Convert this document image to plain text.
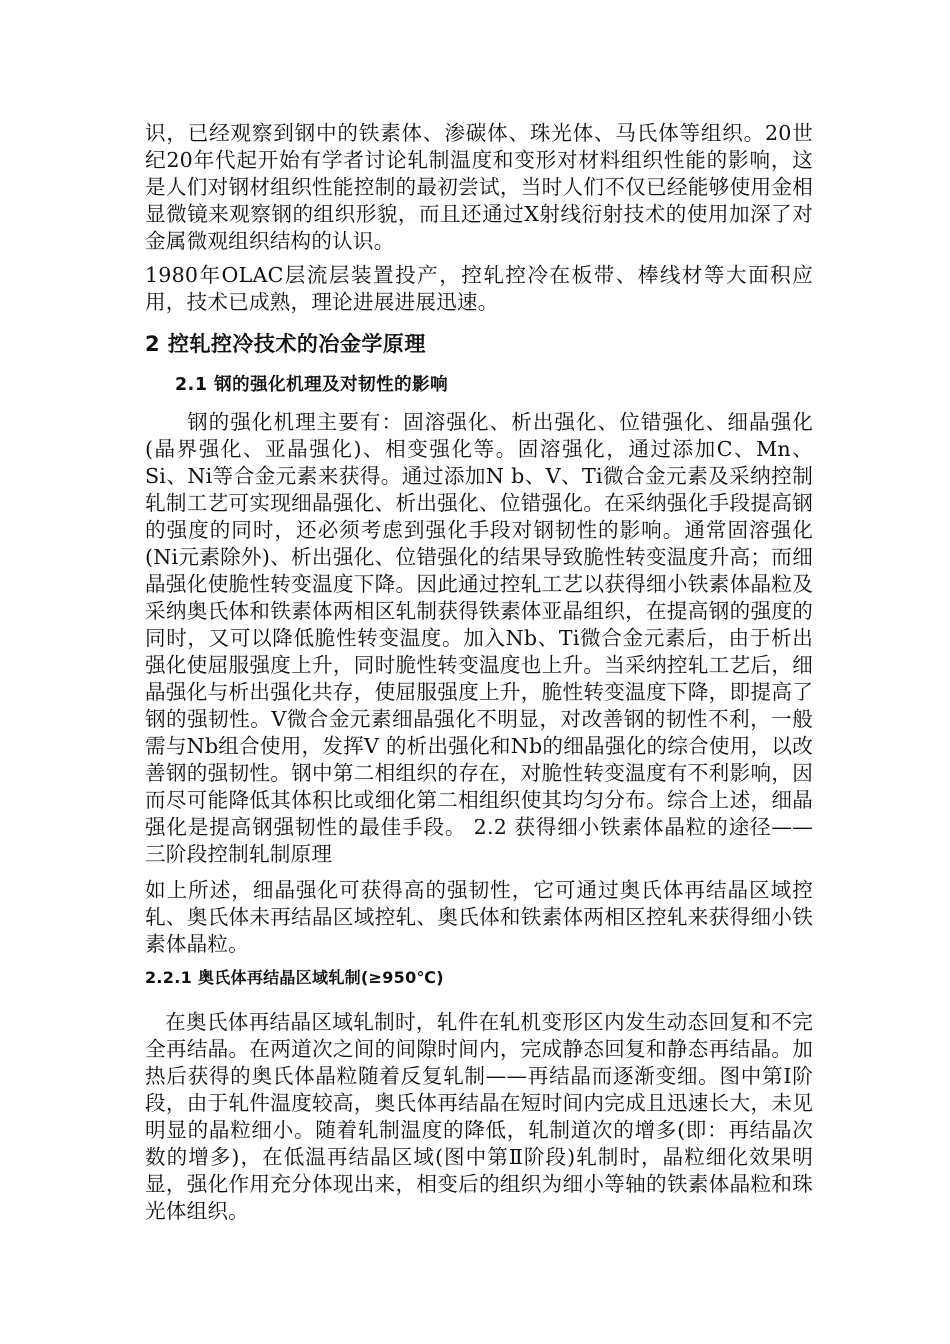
识，已经观察到钢中的铁素体、渗碳体、珠光体、马氏体等组织。20世纪20年代起开始有学者讨论轧制温度和变形对材料组织性能的影响，这是人们对钢材组织性能控制的最初尝试，当时人们不仅已经能够使用金相显微镜来观察钢的组织形貌，而且还通过X射线衍射技术的使用加深了对金属微观组织结构的认识。

1980年OLAC层流层装置投产，控轧控冷在板带、棒线材等大面积应用，技术已成熟，理论进展进展迅速。

2 控轧控冷技术的冶金学原理
2.1 钢的强化机理及对韧性的影响

钢的强化机理主要有：固溶强化、析出强化、位错强化、细晶强化(晶界强化、亚晶强化)、相变强化等。固溶强化，通过添加C、Mn、Si、Ni等合金元素来获得。通过添加N b、V、Ti微合金元素及采纳控制轧制工艺可实现细晶强化、析出强化、位错强化。在采纳强化手段提高钢的强度的同时，还必须考虑到强化手段对钢韧性的影响。通常固溶强化(Ni元素除外)、析出强化、位错强化的结果导致脆性转变温度升高；而细晶强化使脆性转变温度下降。因此通过控轧工艺以获得细小铁素体晶粒及采纳奥氏体和铁素体两相区轧制获得铁素体亚晶组织，在提高钢的强度的同时，又可以降低脆性转变温度。加入Nb、Ti微合金元素后，由于析出强化使屈服强度上升，同时脆性转变温度也上升。当采纳控轧工艺后，细晶强化与析出强化共存，使屈服强度上升，脆性转变温度下降，即提高了钢的强韧性。V微合金元素细晶强化不明显，对改善钢的韧性不利，一般需与Nb组合使用，发挥V 的析出强化和Nb的细晶强化的综合使用，以改善钢的强韧性。钢中第二相组织的存在，对脆性转变温度有不利影响，因而尽可能降低其体积比或细化第二相组织使其均匀分布。综合上述，细晶强化是提高钢强韧性的最佳手段。 2.2 获得细小铁素体晶粒的途径——三阶段控制轧制原理

如上所述，细晶强化可获得高的强韧性，它可通过奥氏体再结晶区域控轧、奥氏体未再结晶区域控轧、奥氏体和铁素体两相区控轧来获得细小铁素体晶粒。

2.2.1 奥氏体再结晶区域轧制(≥950℃)

在奥氏体再结晶区域轧制时，轧件在轧机变形区内发生动态回复和不完全再结晶。在两道次之间的间隙时间内，完成静态回复和静态再结晶。加热后获得的奥氏体晶粒随着反复轧制——再结晶而逐渐变细。图中第Ⅰ阶段，由于轧件温度较高，奥氏体再结晶在短时间内完成且迅速长大，未见明显的晶粒细小。随着轧制温度的降低，轧制道次的增多(即：再结晶次数的增多)，在低温再结晶区域(图中第Ⅱ阶段)轧制时，晶粒细化效果明显，强化作用充分体现出来，相变后的组织为细小等轴的铁素体晶粒和珠光体组织。
